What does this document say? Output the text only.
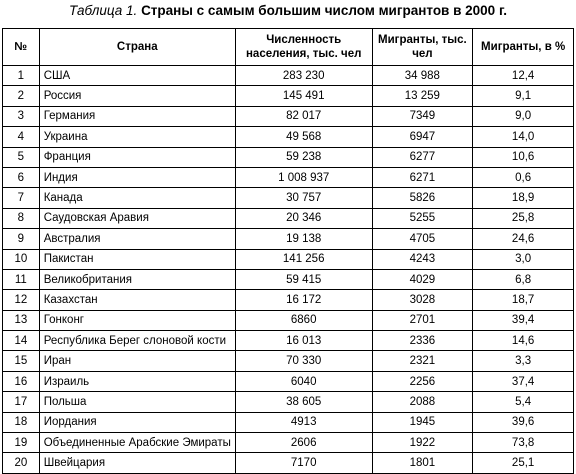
Таблица 1. Страны с самым большим числом мигрантов в 2000 г.
№	Страна	Численность населения, тыс. чел	Мигранты, тыс. чел	Мигранты, в %
1	США	283 230	34 988	12,4
2	Россия	145 491	13 259	9,1
3	Германия	82 017	7349	9,0
4	Украина	49 568	6947	14,0
5	Франция	59 238	6277	10,6
6	Индия	1 008 937	6271	0,6
7	Канада	30 757	5826	18,9
8	Саудовская Аравия	20 346	5255	25,8
9	Австралия	19 138	4705	24,6
10	Пакистан	141 256	4243	3,0
11	Великобритания	59 415	4029	6,8
12	Казахстан	16 172	3028	18,7
13	Гонконг	6860	2701	39,4
14	Республика Берег слоновой кости	16 013	2336	14,6
15	Иран	70 330	2321	3,3
16	Израиль	6040	2256	37,4
17	Польша	38 605	2088	5,4
18	Иордания	4913	1945	39,6
19	Объединенные Арабские Эмираты	2606	1922	73,8
20	Швейцария	7170	1801	25,1
